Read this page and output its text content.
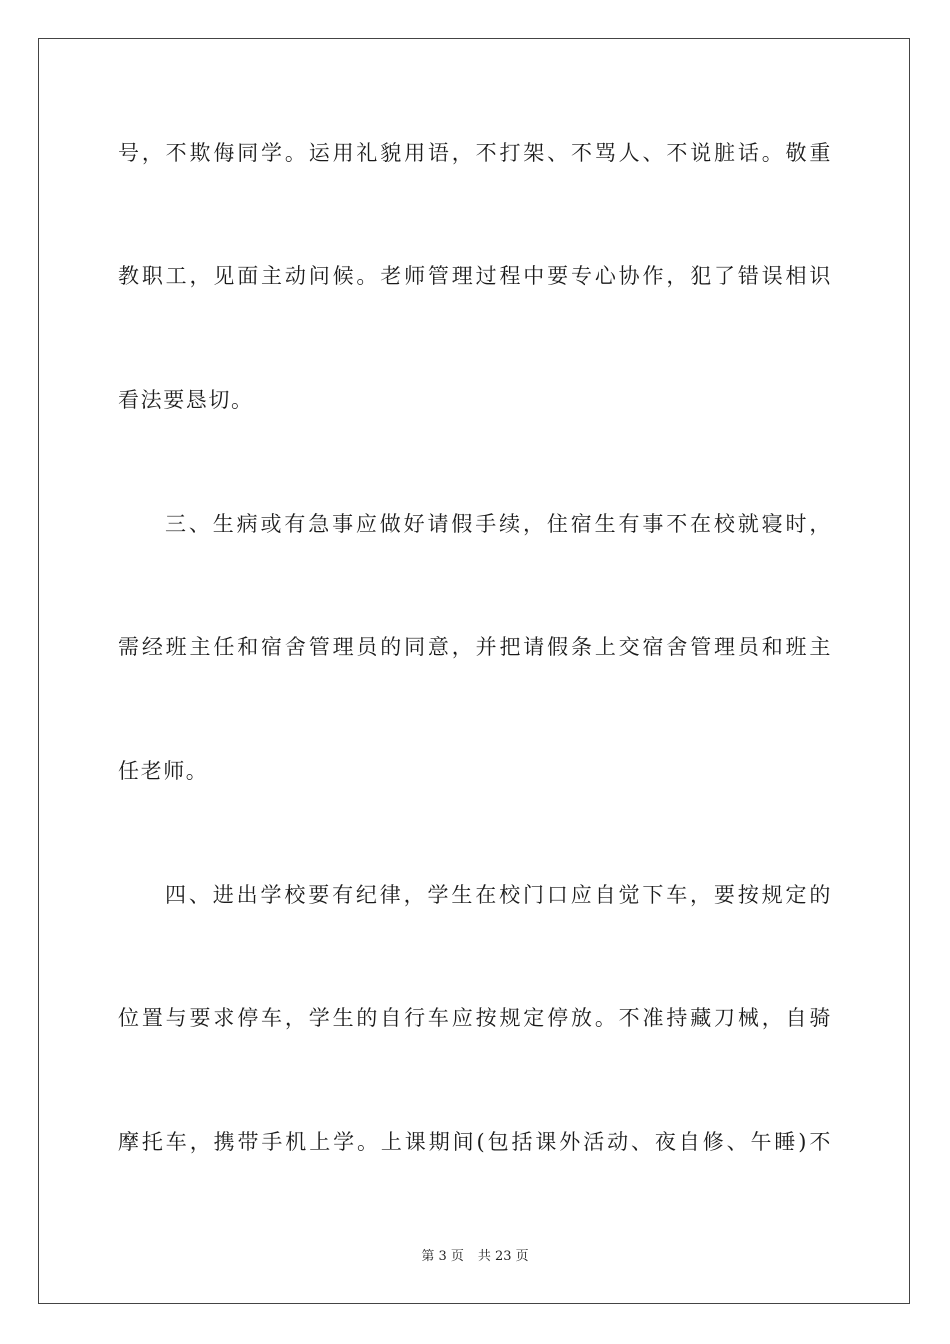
号，不欺侮同学。运用礼貌用语，不打架、不骂人、不说脏话。敬重
教职工，见面主动问候。老师管理过程中要专心协作，犯了错误相识
看法要恳切。
三、生病或有急事应做好请假手续，住宿生有事不在校就寝时，
需经班主任和宿舍管理员的同意，并把请假条上交宿舍管理员和班主
任老师。
四、进出学校要有纪律，学生在校门口应自觉下车，要按规定的
位置与要求停车，学生的自行车应按规定停放。不准持藏刀械，自骑
摩托车，携带手机上学。上课期间(包括课外活动、夜自修、午睡)不
第 3 页 共 23 页
